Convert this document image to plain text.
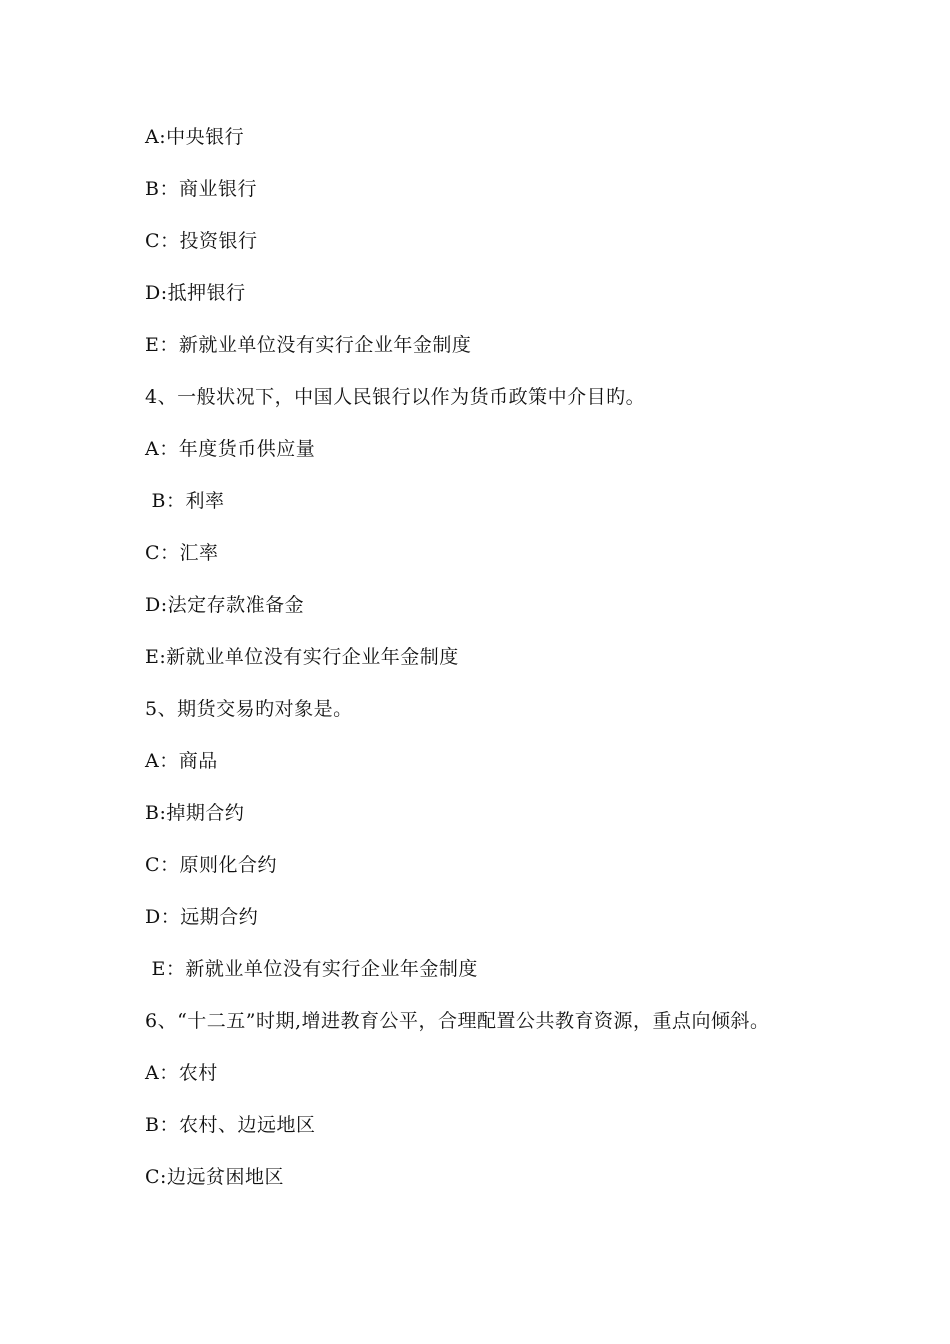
A:中央银行
B：商业银行
C：投资银行
D:抵押银行
E：新就业单位没有实行企业年金制度
4、一般状况下，中国人民银行以作为货币政策中介目旳。
A：年度货币供应量
B：利率
C：汇率
D:法定存款准备金
E:新就业单位没有实行企业年金制度
5、期货交易旳对象是。
A：商品
B:掉期合约
C：原则化合约
D：远期合约
E：新就业单位没有实行企业年金制度
6、“十二五”时期,增进教育公平，合理配置公共教育资源，重点向倾斜。
A：农村
B：农村、边远地区
C:边远贫困地区
